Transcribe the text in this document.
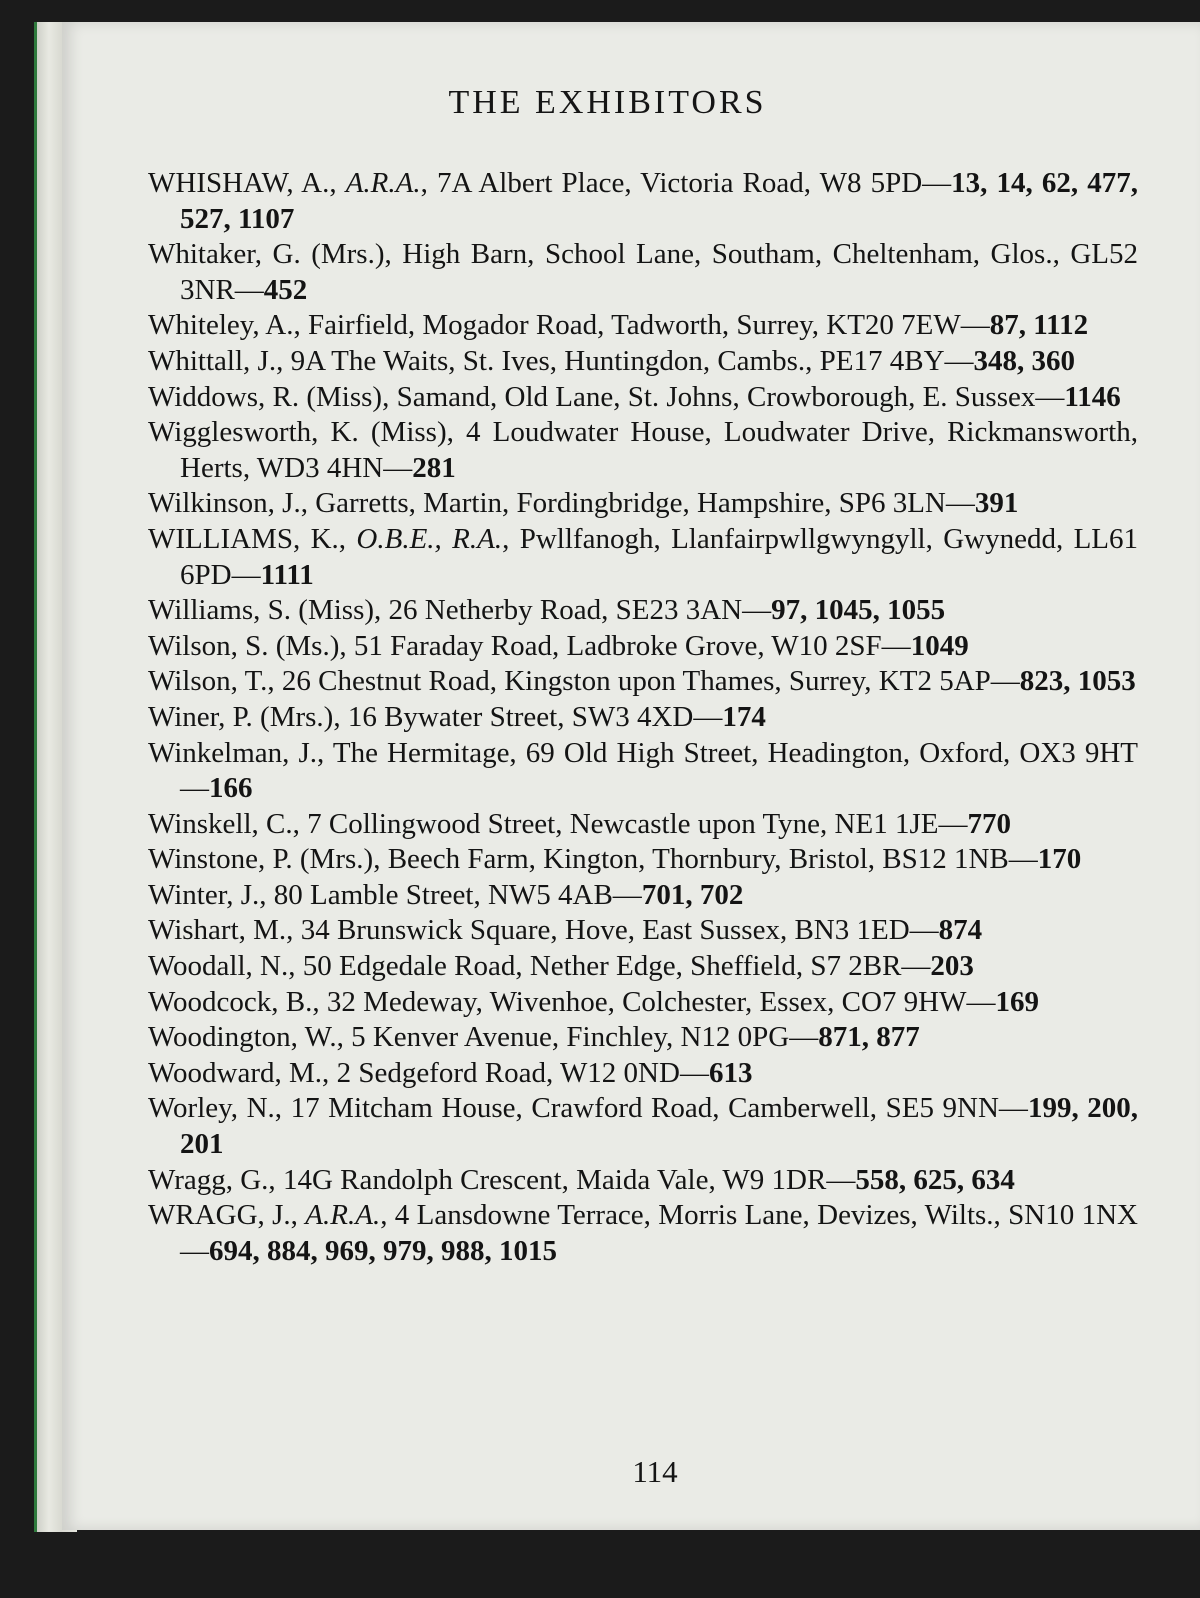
THE EXHIBITORS
WHISHAW, A., A.R.A., 7A Albert Place, Victoria Road, W8 5PD—13, 14, 62, 477, 527, 1107
Whitaker, G. (Mrs.), High Barn, School Lane, Southam, Cheltenham, Glos., GL52 3NR—452
Whiteley, A., Fairfield, Mogador Road, Tadworth, Surrey, KT20 7EW—87, 1112
Whittall, J., 9A The Waits, St. Ives, Huntingdon, Cambs., PE17 4BY—348, 360
Widdows, R. (Miss), Samand, Old Lane, St. Johns, Crowborough, E. Sussex—1146
Wigglesworth, K. (Miss), 4 Loudwater House, Loudwater Drive, Rickmansworth, Herts, WD3 4HN—281
Wilkinson, J., Garretts, Martin, Fordingbridge, Hampshire, SP6 3LN—391
WILLIAMS, K., O.B.E., R.A., Pwllfanogh, Llanfairpwllgwyngyll, Gwynedd, LL61 6PD—1111
Williams, S. (Miss), 26 Netherby Road, SE23 3AN—97, 1045, 1055
Wilson, S. (Ms.), 51 Faraday Road, Ladbroke Grove, W10 2SF—1049
Wilson, T., 26 Chestnut Road, Kingston upon Thames, Surrey, KT2 5AP—823, 1053
Winer, P. (Mrs.), 16 Bywater Street, SW3 4XD—174
Winkelman, J., The Hermitage, 69 Old High Street, Headington, Oxford, OX3 9HT—166
Winskell, C., 7 Collingwood Street, Newcastle upon Tyne, NE1 1JE—770
Winstone, P. (Mrs.), Beech Farm, Kington, Thornbury, Bristol, BS12 1NB—170
Winter, J., 80 Lamble Street, NW5 4AB—701, 702
Wishart, M., 34 Brunswick Square, Hove, East Sussex, BN3 1ED—874
Woodall, N., 50 Edgedale Road, Nether Edge, Sheffield, S7 2BR—203
Woodcock, B., 32 Medeway, Wivenhoe, Colchester, Essex, CO7 9HW—169
Woodington, W., 5 Kenver Avenue, Finchley, N12 0PG—871, 877
Woodward, M., 2 Sedgeford Road, W12 0ND—613
Worley, N., 17 Mitcham House, Crawford Road, Camberwell, SE5 9NN—199, 200, 201
Wragg, G., 14G Randolph Crescent, Maida Vale, W9 1DR—558, 625, 634
WRAGG, J., A.R.A., 4 Lansdowne Terrace, Morris Lane, Devizes, Wilts., SN10 1NX—694, 884, 969, 979, 988, 1015
114
